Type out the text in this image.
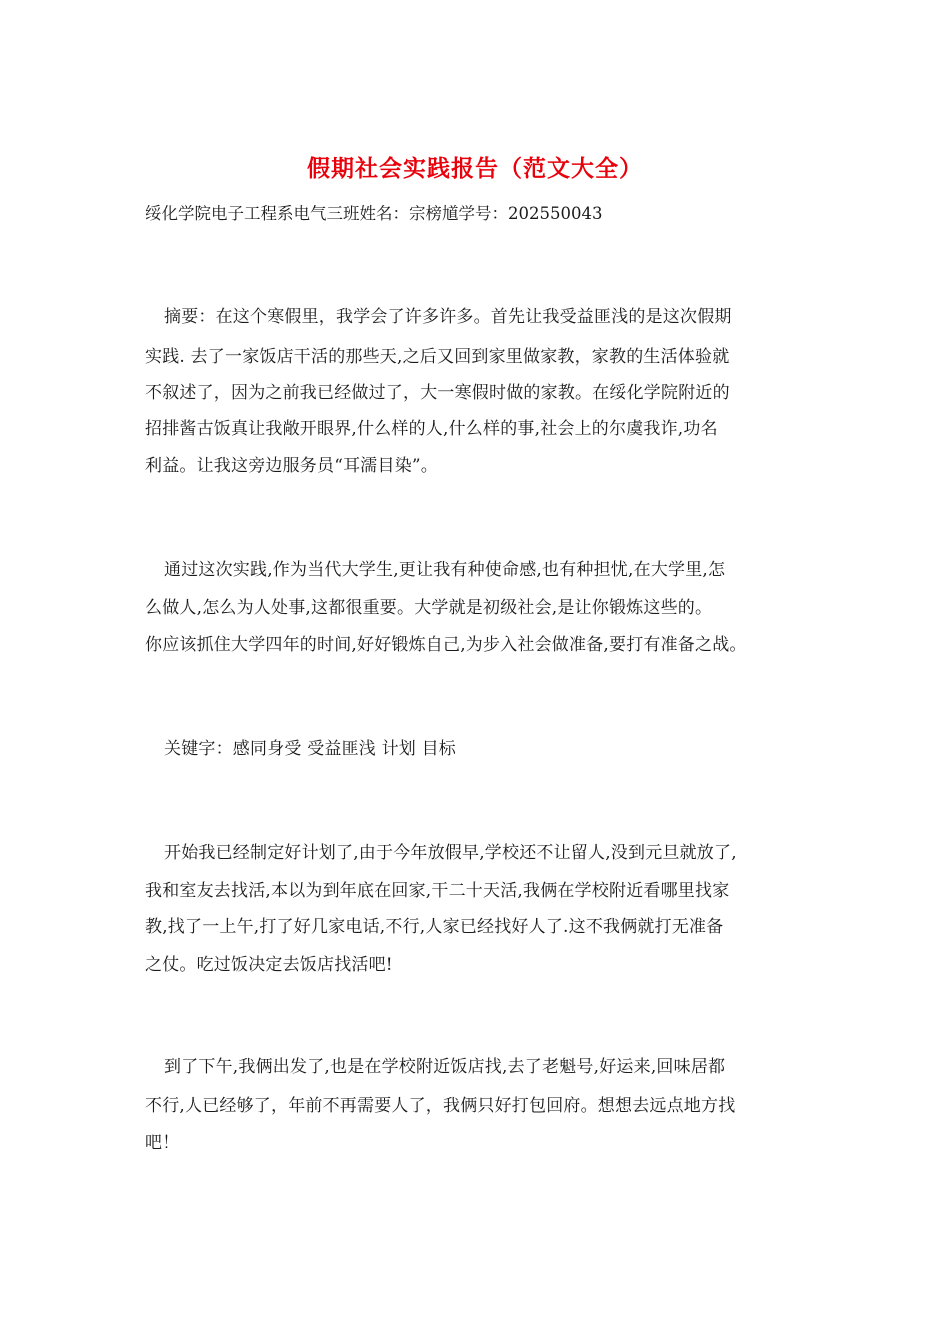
假期社会实践报告（范文大全）
绥化学院电子工程系电气三班姓名：宗榜馗学号：202550043
摘要：在这个寒假里，我学会了许多许多。首先让我受益匪浅的是这次假期
实践. 去了一家饭店干活的那些天,之后又回到家里做家教，家教的生活体验就
不叙述了，因为之前我已经做过了，大一寒假时做的家教。在绥化学院附近的
招排酱古饭真让我敞开眼界,什么样的人,什么样的事,社会上的尔虞我诈,功名
利益。让我这旁边服务员“耳濡目染”。
通过这次实践,作为当代大学生,更让我有种使命感,也有种担忧,在大学里,怎
么做人,怎么为人处事,这都很重要。大学就是初级社会,是让你锻炼这些的。
你应该抓住大学四年的时间,好好锻炼自己,为步入社会做准备,要打有准备之战。
关键字：感同身受 受益匪浅 计划 目标
开始我已经制定好计划了,由于今年放假早,学校还不让留人,没到元旦就放了,
我和室友去找活,本以为到年底在回家,干二十天活,我俩在学校附近看哪里找家
教,找了一上午,打了好几家电话,不行,人家已经找好人了.这不我俩就打无准备
之仗。吃过饭决定去饭店找活吧!
到了下午,我俩出发了,也是在学校附近饭店找,去了老魁号,好运来,回味居都
不行,人已经够了，年前不再需要人了，我俩只好打包回府。想想去远点地方找
吧！
